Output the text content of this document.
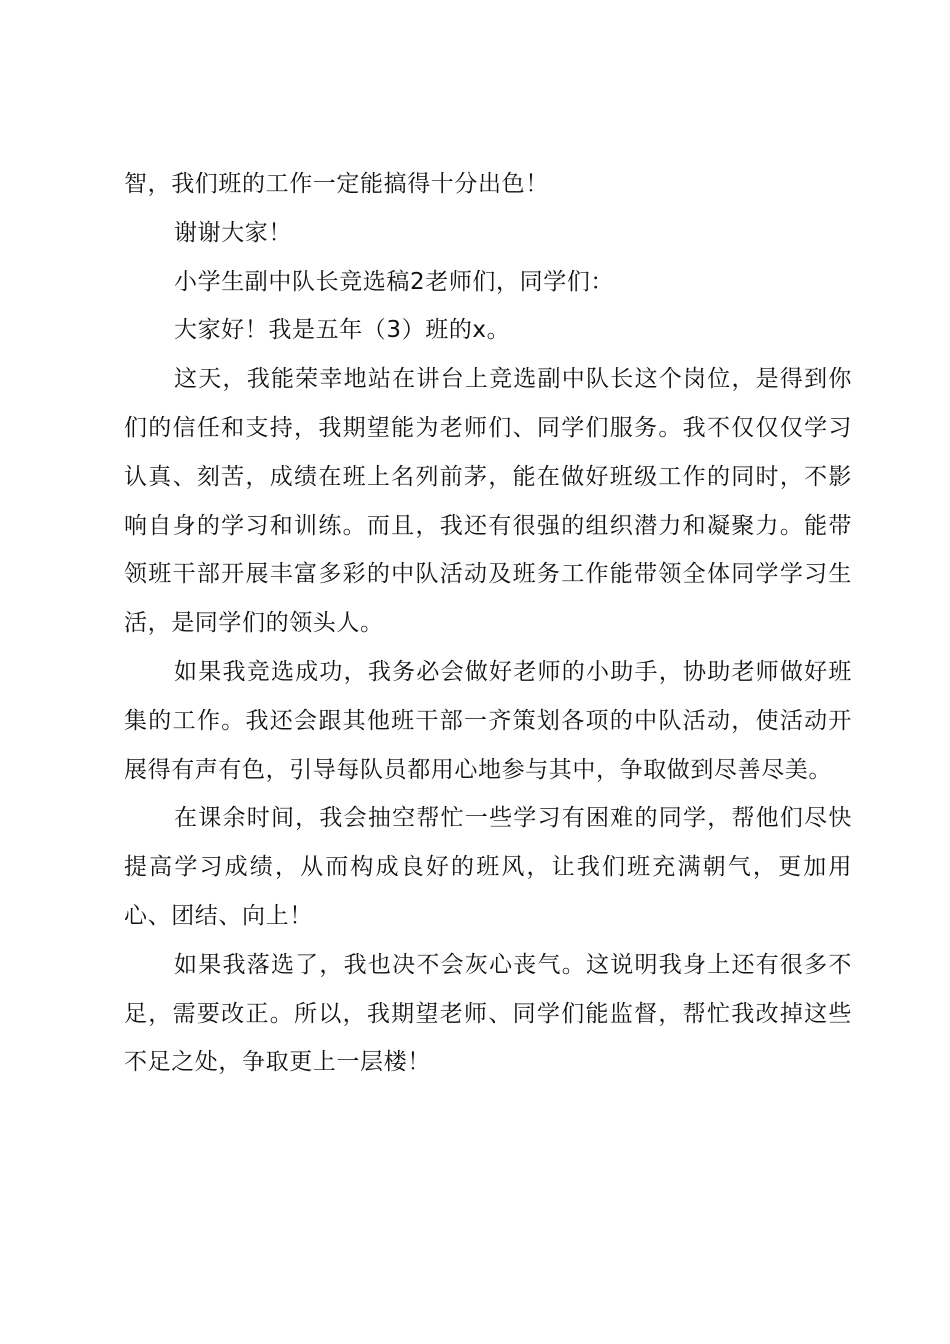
智，我们班的工作一定能搞得十分出色！

谢谢大家！

小学生副中队长竞选稿2老师们，同学们：

大家好！我是五年（3）班的x。

这天，我能荣幸地站在讲台上竞选副中队长这个岗位，是得到你们的信任和支持，我期望能为老师们、同学们服务。我不仅仅仅学习认真、刻苦，成绩在班上名列前茅，能在做好班级工作的同时，不影响自身的学习和训练。而且，我还有很强的组织潜力和凝聚力。能带领班干部开展丰富多彩的中队活动及班务工作能带领全体同学学习生活，是同学们的领头人。

如果我竞选成功，我务必会做好老师的小助手，协助老师做好班集的工作。我还会跟其他班干部一齐策划各项的中队活动，使活动开展得有声有色，引导每队员都用心地参与其中，争取做到尽善尽美。

在课余时间，我会抽空帮忙一些学习有困难的同学，帮他们尽快提高学习成绩，从而构成良好的班风，让我们班充满朝气，更加用心、团结、向上！

如果我落选了，我也决不会灰心丧气。这说明我身上还有很多不足，需要改正。所以，我期望老师、同学们能监督，帮忙我改掉这些不足之处，争取更上一层楼！
